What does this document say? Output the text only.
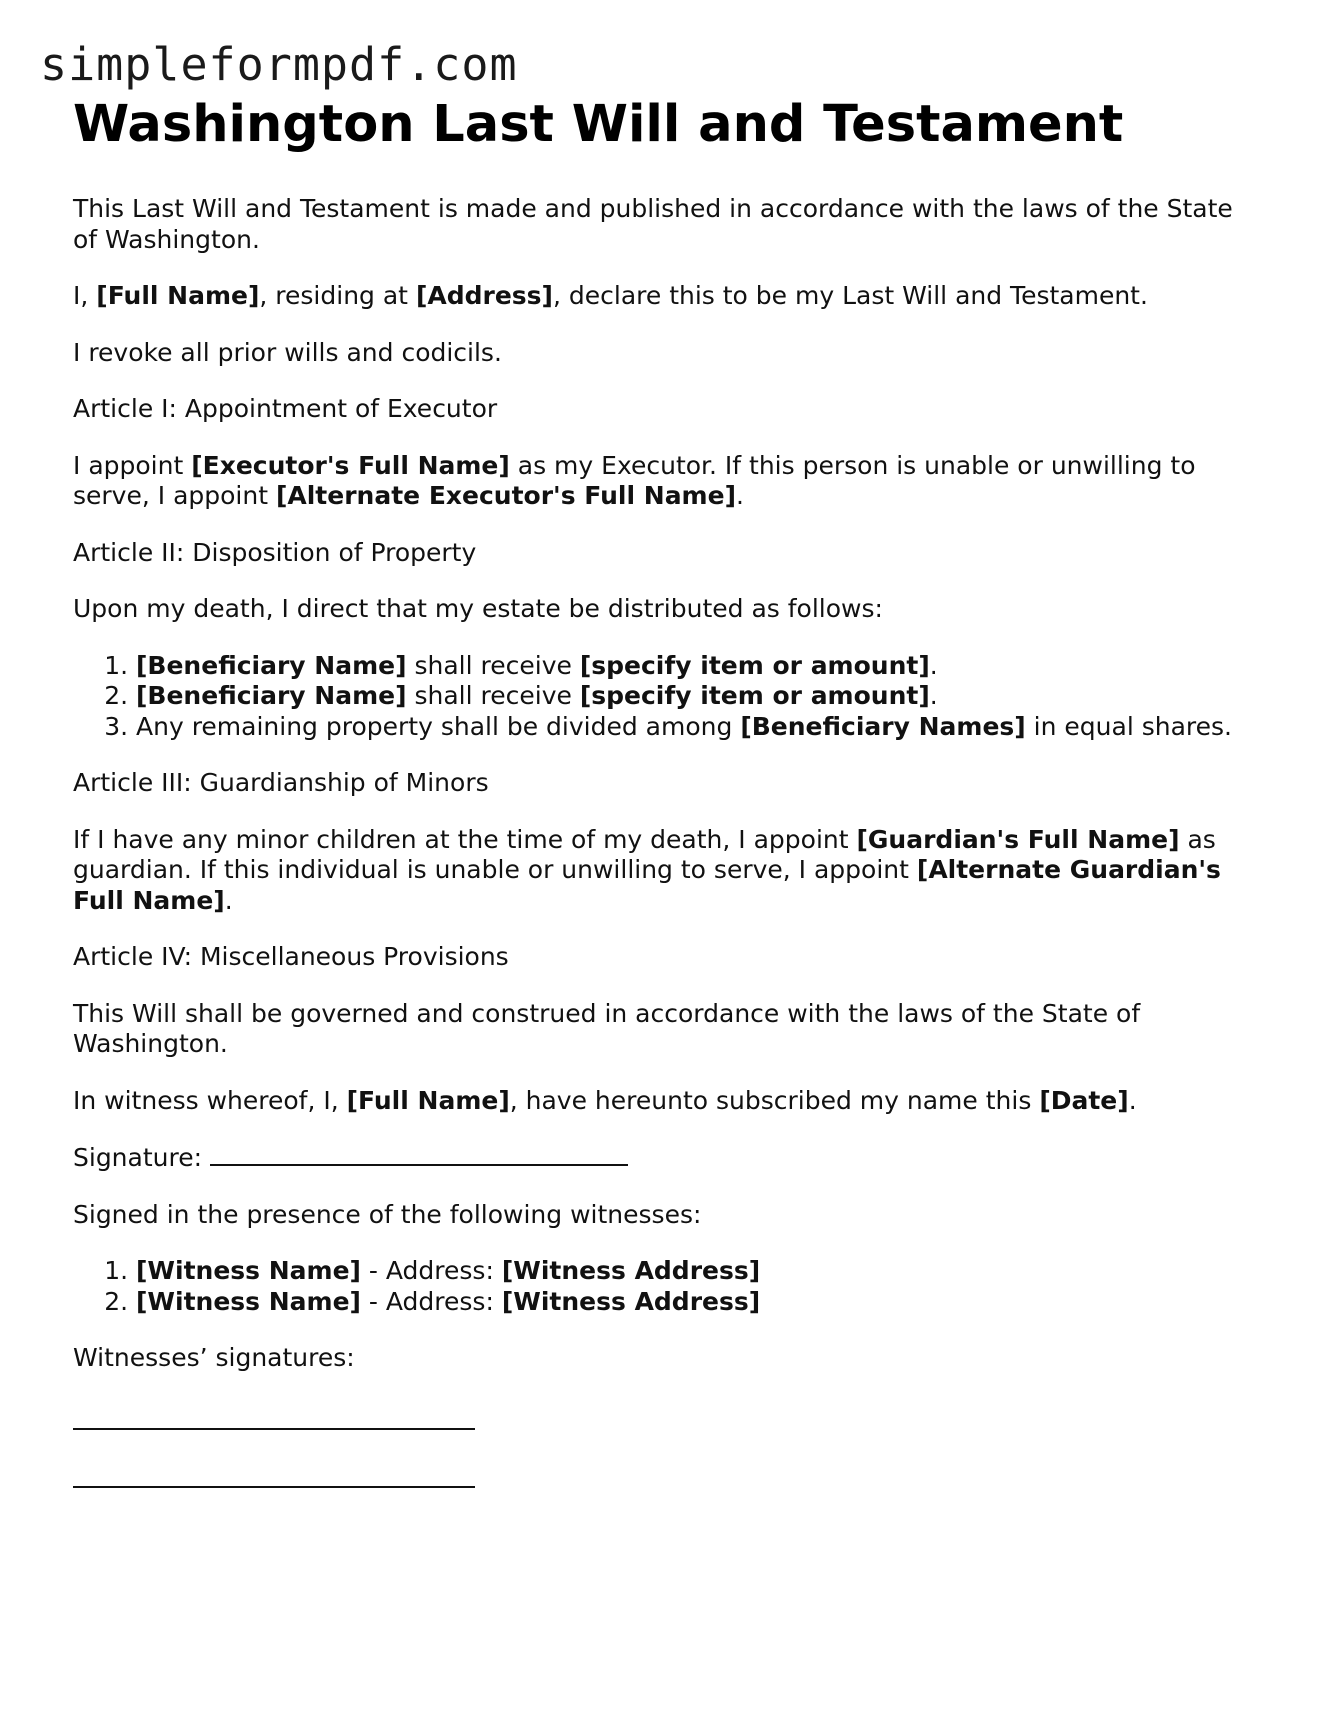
simpleformpdf.com
Washington Last Will and Testament

This Last Will and Testament is made and published in accordance with the laws of the State of Washington.

I, [Full Name], residing at [Address], declare this to be my Last Will and Testament.

I revoke all prior wills and codicils.

Article I: Appointment of Executor

I appoint [Executor's Full Name] as my Executor. If this person is unable or unwilling to serve, I appoint [Alternate Executor's Full Name].

Article II: Disposition of Property

Upon my death, I direct that my estate be distributed as follows:

1. [Beneficiary Name] shall receive [specify item or amount].
2. [Beneficiary Name] shall receive [specify item or amount].
3. Any remaining property shall be divided among [Beneficiary Names] in equal shares.

Article III: Guardianship of Minors

If I have any minor children at the time of my death, I appoint [Guardian's Full Name] as guardian. If this individual is unable or unwilling to serve, I appoint [Alternate Guardian's Full Name].

Article IV: Miscellaneous Provisions

This Will shall be governed and construed in accordance with the laws of the State of Washington.

In witness whereof, I, [Full Name], have hereunto subscribed my name this [Date].

Signature:

Signed in the presence of the following witnesses:

1. [Witness Name] - Address: [Witness Address]
2. [Witness Name] - Address: [Witness Address]

Witnesses’ signatures:
